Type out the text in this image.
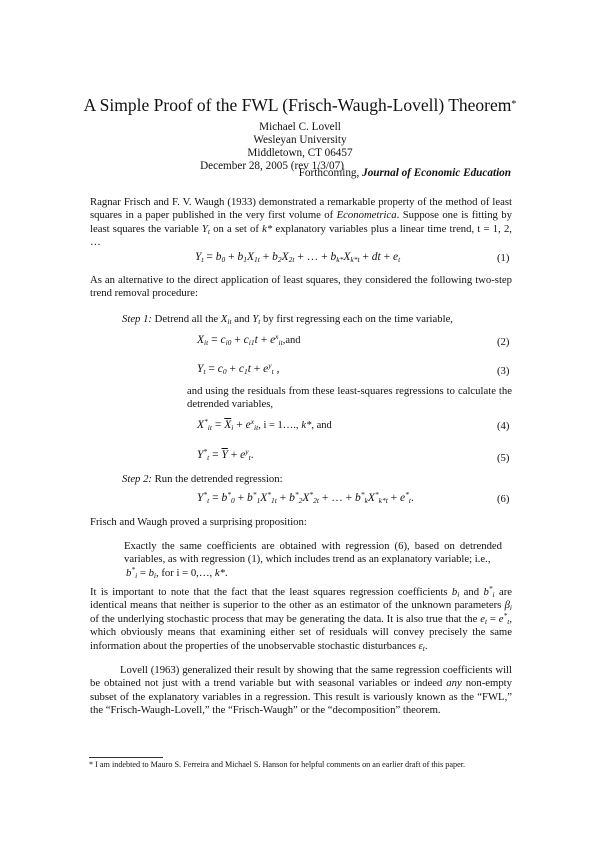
A Simple Proof of the FWL (Frisch-Waugh-Lovell) Theorem*
Michael C. Lovell
Wesleyan University
Middletown, CT 06457
December 28, 2005 (rev 1/3/07)
Forthcoming, Journal of Economic Education
Ragnar Frisch and F. V. Waugh (1933) demonstrated a remarkable property of the method of least squares in a paper published in the very first volume of Econometrica. Suppose one is fitting by least squares the variable $Y_t$ on a set of k* explanatory variables plus a linear time trend, t = 1, 2, …
$Y_t = b_0 + b_1X_{1t} + b_2X_{2t}$ + … + $b_{k*}X_{k*t}$ + dt + $e_t$	(1)
As an alternative to the direct application of least squares, they considered the following two-step trend removal procedure:
Step 1: Detrend all the $X_{it}$ and $Y_t$ by first regressing each on the time variable,
$X_{it} = c_{i0} + c_{i1}t + e^x_{it},and$	(2)
$Y_t = c_0 + c_1t + e^y_t$ ,	(3)
and using the residuals from these least-squares regressions to calculate the detrended variables,
$X^*_{it} = \overline{X}_i + e^x_{it}$, i = 1…., k*, and	(4)
$Y^*_t = \overline{Y} + e^y_t$.	(5)
Step 2: Run the detrended regression:
$Y^*_t = b^*_0 + b^*_1X^*_{1t} + b^*_2X^*_{2t}$ + … + $b^*_kX^*_{k*t} + e^*_t$.	(6)
Frisch and Waugh proved a surprising proposition:
Exactly the same coefficients are obtained with regression (6), based on detrended variables, as with regression (1), which includes trend as an explanatory variable; i.e.,
$b^*_i = b_i$, for i = 0,…, k*.
It is important to note that the fact that the least squares regression coefficients $b_i$ and $b^*_i$ are identical means that neither is superior to the other as an estimator of the unknown parameters $\beta_i$ of the underlying stochastic process that may be generating the data. It is also true that the $e_t = e^*_t$, which obviously means that examining either set of residuals will convey precisely the same information about the properties of the unobservable stochastic disturbances $\varepsilon_t$.
Lovell (1963) generalized their result by showing that the same regression coefficients will be obtained not just with a trend variable but with seasonal variables or indeed any non-empty subset of the explanatory variables in a regression. This result is variously known as the “FWL,” the “Frisch-Waugh-Lovell,” the “Frisch-Waugh” or the “decomposition” theorem.
* I am indebted to Mauro S. Ferreira and Michael S. Hanson for helpful comments on an earlier draft of this paper.
